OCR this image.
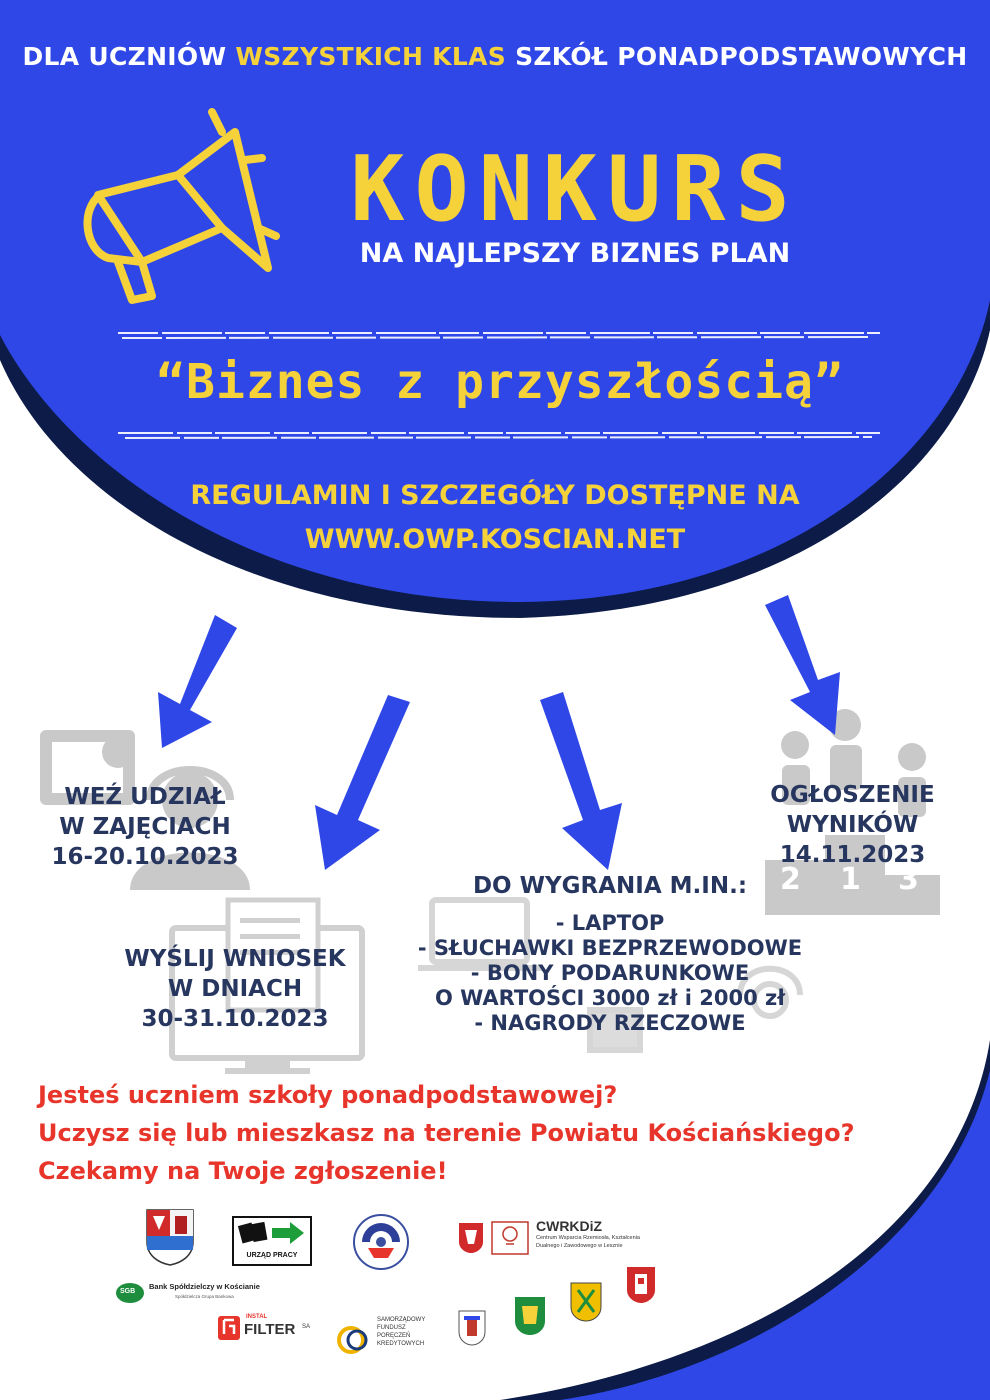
DLA UCZNIÓW WSZYSTKICH KLAS SZKÓŁ PONADPODSTAWOWYCH
KONKURS
NA NAJLEPSZY BIZNES PLAN
“Biznes z przyszłością”
REGULAMIN I SZCZEGÓŁY DOSTĘPNE NA
WWW.OWP.KOSCIAN.NET
WEŹ UDZIAŁ
W ZAJĘCIACH
16-20.10.2023
WYŚLIJ WNIOSEK
W DNIACH
30-31.10.2023
OGŁOSZENIE
WYNIKÓW
14.11.2023
2 1 3
DO WYGRANIA M.IN.:
- LAPTOP
- SŁUCHAWKI BEZPRZEWODOWE
- BONY PODARUNKOWE
O WARTOŚCI 3000 zł i 2000 zł
- NAGRODY RZECZOWE
Jesteś uczniem szkoły ponadpodstawowej?
Uczysz się lub mieszkasz na terenie Powiatu Kościańskiego?
Czekamy na Twoje zgłoszenie!
URZĄD PRACY
CWRKDiZ
Centrum Wsparcia Rzemiosła, Kształcenia
Dualnego i Zawodowego w Lesznie
SGB
Bank Spółdzielczy w Kościanie
Spółdzielcza Grupa Bankowa
INSTAL
FILTER SA
SAMORZĄDOWY
FUNDUSZ
PORĘCZEŃ
KREDYTOWYCH
